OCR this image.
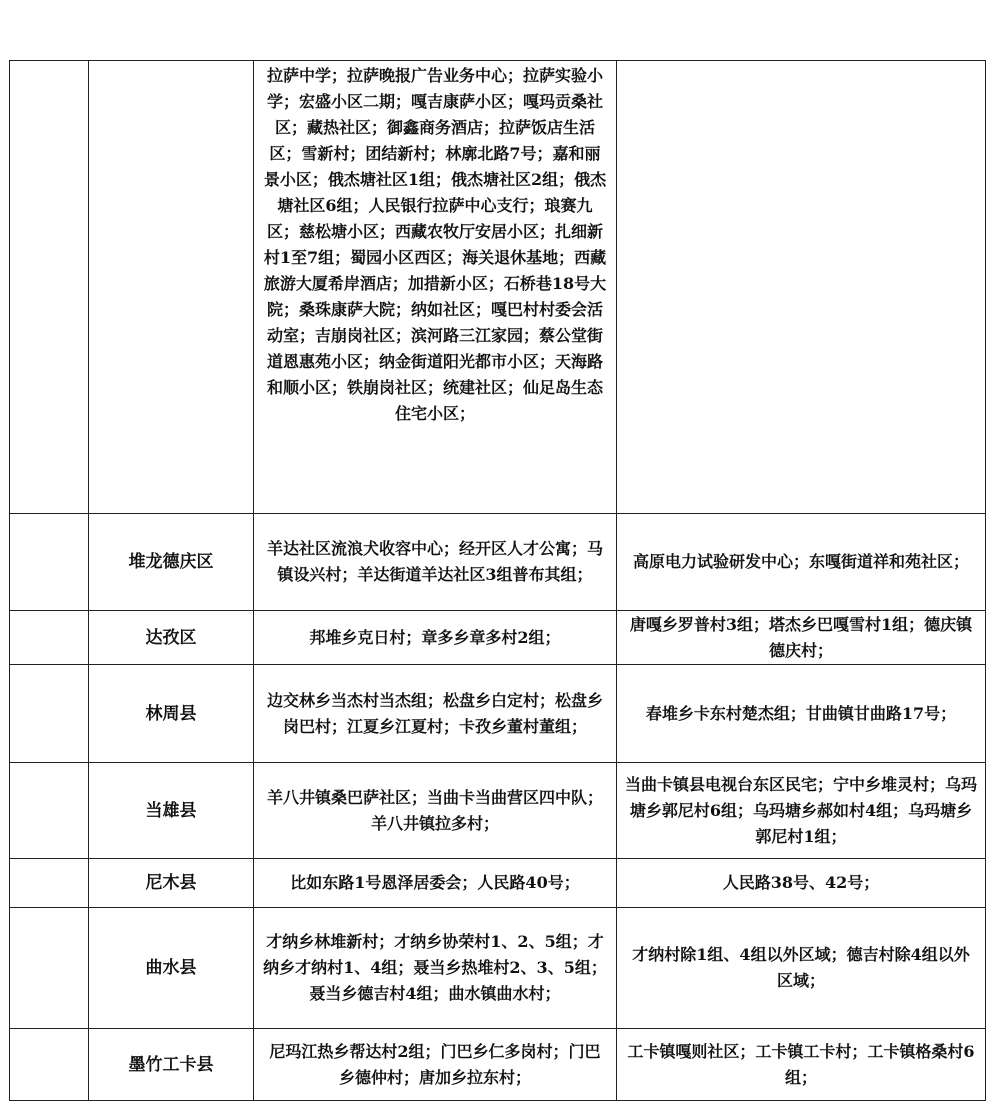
		拉萨中学；拉萨晚报广告业务中心；拉萨实验小学；宏盛小区二期；嘎吉康萨小区；嘎玛贡桑社区；藏热社区；御鑫商务酒店；拉萨饭店生活区；雪新村；团结新村；林廓北路7号；嘉和丽景小区；俄杰塘社区1组；俄杰塘社区2组；俄杰塘社区6组；人民银行拉萨中心支行；琅赛九区；慈松塘小区；西藏农牧厅安居小区；扎细新村1至7组；蜀园小区西区；海关退休基地；西藏旅游大厦希岸酒店；加措新小区；石桥巷18号大院；桑珠康萨大院；纳如社区；嘎巴村村委会活动室；吉崩岗社区；滨河路三江家园；蔡公堂街道恩惠苑小区；纳金街道阳光都市小区；天海路和顺小区；铁崩岗社区；统建社区；仙足岛生态住宅小区；	

	堆龙德庆区	羊达社区流浪犬收容中心；经开区人才公寓；马镇设兴村；羊达街道羊达社区3组普布其组；	高原电力试验研发中心；东嘎街道祥和苑社区；

	达孜区	邦堆乡克日村；章多乡章多村2组；	唐嘎乡罗普村3组；塔杰乡巴嘎雪村1组；德庆镇德庆村；

	林周县	边交林乡当杰村当杰组；松盘乡白定村；松盘乡岗巴村；江夏乡江夏村；卡孜乡董村董组；	春堆乡卡东村楚杰组；甘曲镇甘曲路17号；

	当雄县	羊八井镇桑巴萨社区；当曲卡当曲营区四中队；羊八井镇拉多村；	当曲卡镇县电视台东区民宅；宁中乡堆灵村；乌玛塘乡郭尼村6组；乌玛塘乡郝如村4组；乌玛塘乡郭尼村1组；

	尼木县	比如东路1号恩泽居委会；人民路40号；	人民路38号、42号；

	曲水县	才纳乡林堆新村；才纳乡协荣村1、2、5组；才纳乡才纳村1、4组；聂当乡热堆村2、3、5组；聂当乡德吉村4组；曲水镇曲水村；	才纳村除1组、4组以外区域；德吉村除4组以外区域；

	墨竹工卡县	尼玛江热乡帮达村2组；门巴乡仁多岗村；门巴乡德仲村；唐加乡拉东村；	工卡镇嘎则社区；工卡镇工卡村；工卡镇格桑村6组；
